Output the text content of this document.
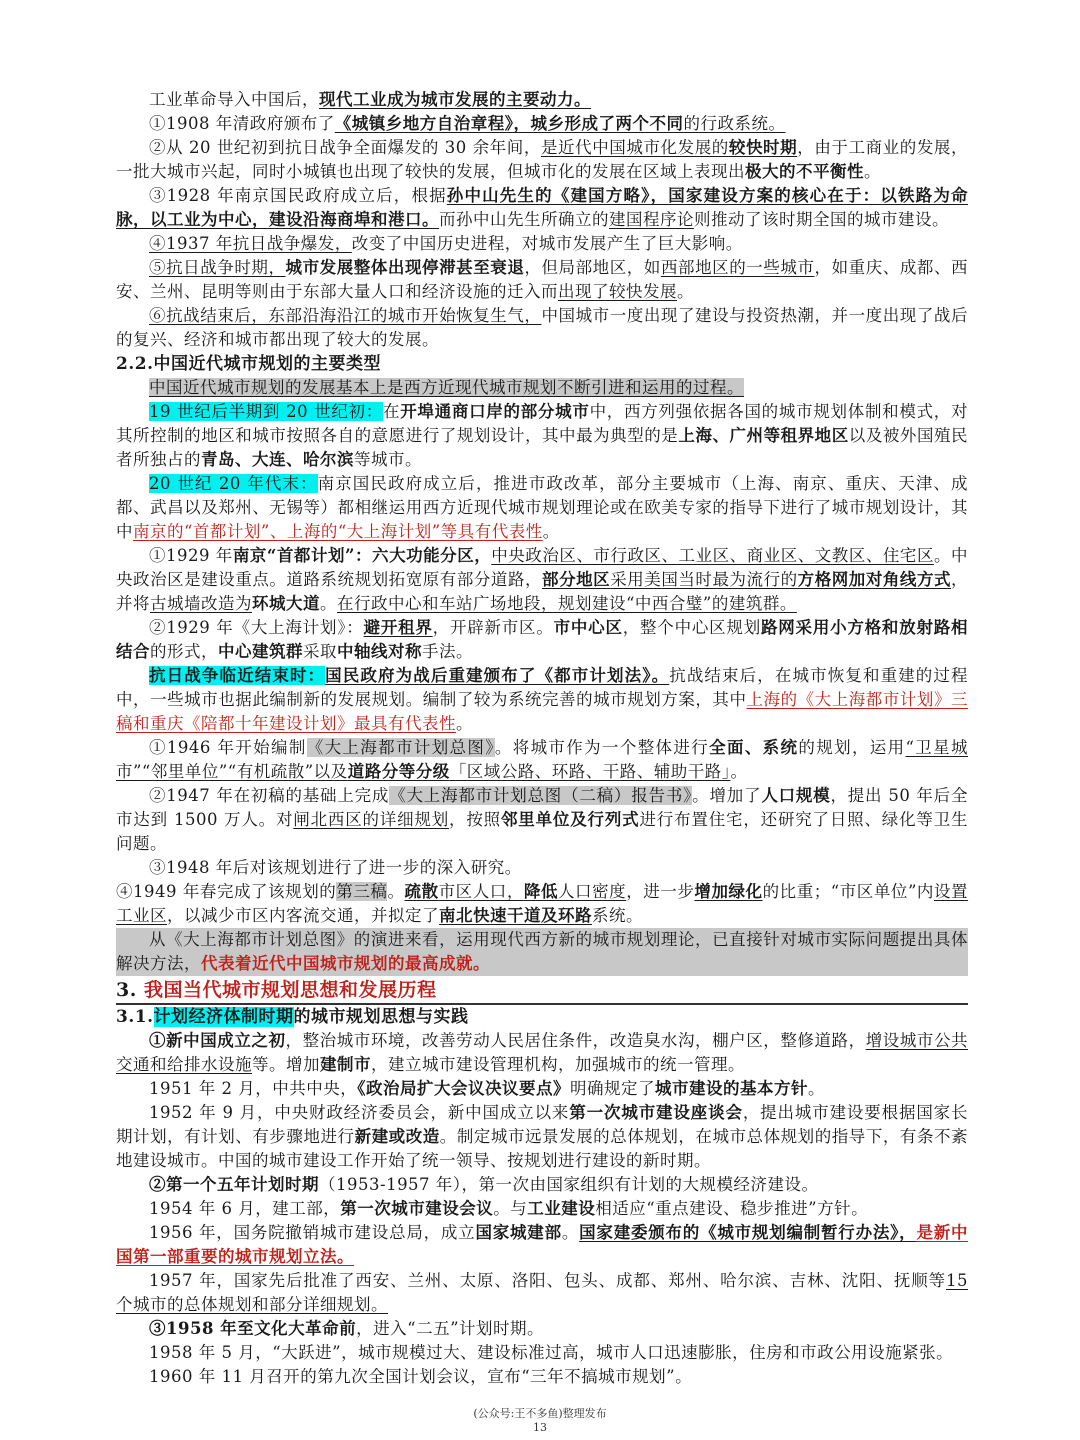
工业革命导入中国后，现代工业成为城市发展的主要动力。

①1908 年清政府颁布了《城镇乡地方自治章程》，城乡形成了两个不同的行政系统。

②从 20 世纪初到抗日战争全面爆发的 30 余年间，是近代中国城市化发展的较快时期，由于工商业的发展，一批大城市兴起，同时小城镇也出现了较快的发展，但城市化的发展在区域上表现出极大的不平衡性。

③1928 年南京国民政府成立后，根据孙中山先生的《建国方略》，国家建设方案的核心在于：以铁路为命脉，以工业为中心，建设沿海商埠和港口。而孙中山先生所确立的建国程序论则推动了该时期全国的城市建设。

④1937 年抗日战争爆发，改变了中国历史进程，对城市发展产生了巨大影响。

⑤抗日战争时期，城市发展整体出现停滞甚至衰退，但局部地区，如西部地区的一些城市，如重庆、成都、西安、兰州、昆明等则由于东部大量人口和经济设施的迁入而出现了较快发展。

⑥抗战结束后，东部沿海沿江的城市开始恢复生气，中国城市一度出现了建设与投资热潮，并一度出现了战后的复兴、经济和城市都出现了较大的发展。

2.2.中国近代城市规划的主要类型

中国近代城市规划的发展基本上是西方近现代城市规划不断引进和运用的过程。

19 世纪后半期到 20 世纪初：在开埠通商口岸的部分城市中，西方列强依据各国的城市规划体制和模式，对其所控制的地区和城市按照各自的意愿进行了规划设计，其中最为典型的是上海、广州等租界地区以及被外国殖民者所独占的青岛、大连、哈尔滨等城市。

20 世纪 20 年代末：南京国民政府成立后，推进市政改革，部分主要城市（上海、南京、重庆、天津、成都、武昌以及郑州、无锡等）都相继运用西方近现代城市规划理论或在欧美专家的指导下进行了城市规划设计，其中南京的“首都计划”、上海的“大上海计划”等具有代表性。

①1929 年南京“首都计划”：六大功能分区，中央政治区、市行政区、工业区、商业区、文教区、住宅区。中央政治区是建设重点。道路系统规划拓宽原有部分道路，部分地区采用美国当时最为流行的方格网加对角线方式，并将古城墙改造为环城大道。在行政中心和车站广场地段，规划建设“中西合璧”的建筑群。

②1929 年《大上海计划》：避开租界，开辟新市区。市中心区，整个中心区规划路网采用小方格和放射路相结合的形式，中心建筑群采取中轴线对称手法。

抗日战争临近结束时：国民政府为战后重建颁布了《都市计划法》。抗战结束后，在城市恢复和重建的过程中，一些城市也据此编制新的发展规划。编制了较为系统完善的城市规划方案，其中上海的《大上海都市计划》三稿和重庆《陪都十年建设计划》最具有代表性。

①1946 年开始编制《大上海都市计划总图》。将城市作为一个整体进行全面、系统的规划，运用“卫星城市”“邻里单位”“有机疏散”以及道路分等分级「区域公路、环路、干路、辅助干路」。

②1947 年在初稿的基础上完成《大上海都市计划总图（二稿）报告书》。增加了人口规模，提出 50 年后全市达到 1500 万人。对闸北西区的详细规划，按照邻里单位及行列式进行布置住宅，还研究了日照、绿化等卫生问题。

③1948 年后对该规划进行了进一步的深入研究。

④1949 年春完成了该规划的第三稿。疏散市区人口，降低人口密度，进一步增加绿化的比重；“市区单位”内设置工业区，以减少市区内客流交通，并拟定了南北快速干道及环路系统。

从《大上海都市计划总图》的演进来看，运用现代西方新的城市规划理论，已直接针对城市实际问题提出具体解决方法，代表着近代中国城市规划的最高成就。

3. 我国当代城市规划思想和发展历程

3.1.计划经济体制时期的城市规划思想与实践

①新中国成立之初，整治城市环境，改善劳动人民居住条件，改造臭水沟，棚户区，整修道路，增设城市公共交通和给排水设施等。增加建制市，建立城市建设管理机构，加强城市的统一管理。

1951 年 2 月，中共中央，《政治局扩大会议决议要点》明确规定了城市建设的基本方针。

1952 年 9 月，中央财政经济委员会，新中国成立以来第一次城市建设座谈会，提出城市建设要根据国家长期计划，有计划、有步骤地进行新建或改造。制定城市远景发展的总体规划，在城市总体规划的指导下，有条不紊地建设城市。中国的城市建设工作开始了统一领导、按规划进行建设的新时期。

②第一个五年计划时期（1953-1957 年），第一次由国家组织有计划的大规模经济建设。

1954 年 6 月，建工部，第一次城市建设会议。与工业建设相适应“重点建设、稳步推进”方针。

1956 年，国务院撤销城市建设总局，成立国家城建部。国家建委颁布的《城市规划编制暂行办法》，是新中国第一部重要的城市规划立法。

1957 年，国家先后批准了西安、兰州、太原、洛阳、包头、成都、郑州、哈尔滨、吉林、沈阳、抚顺等15 个城市的总体规划和部分详细规划。

③1958 年至文化大革命前，进入“二五”计划时期。

1958 年 5 月，“大跃进”，城市规模过大、建设标准过高，城市人口迅速膨胀，住房和市政公用设施紧张。

1960 年 11 月召开的第九次全国计划会议，宣布“三年不搞城市规划”。

(公众号:王不多鱼)整理发布
13
